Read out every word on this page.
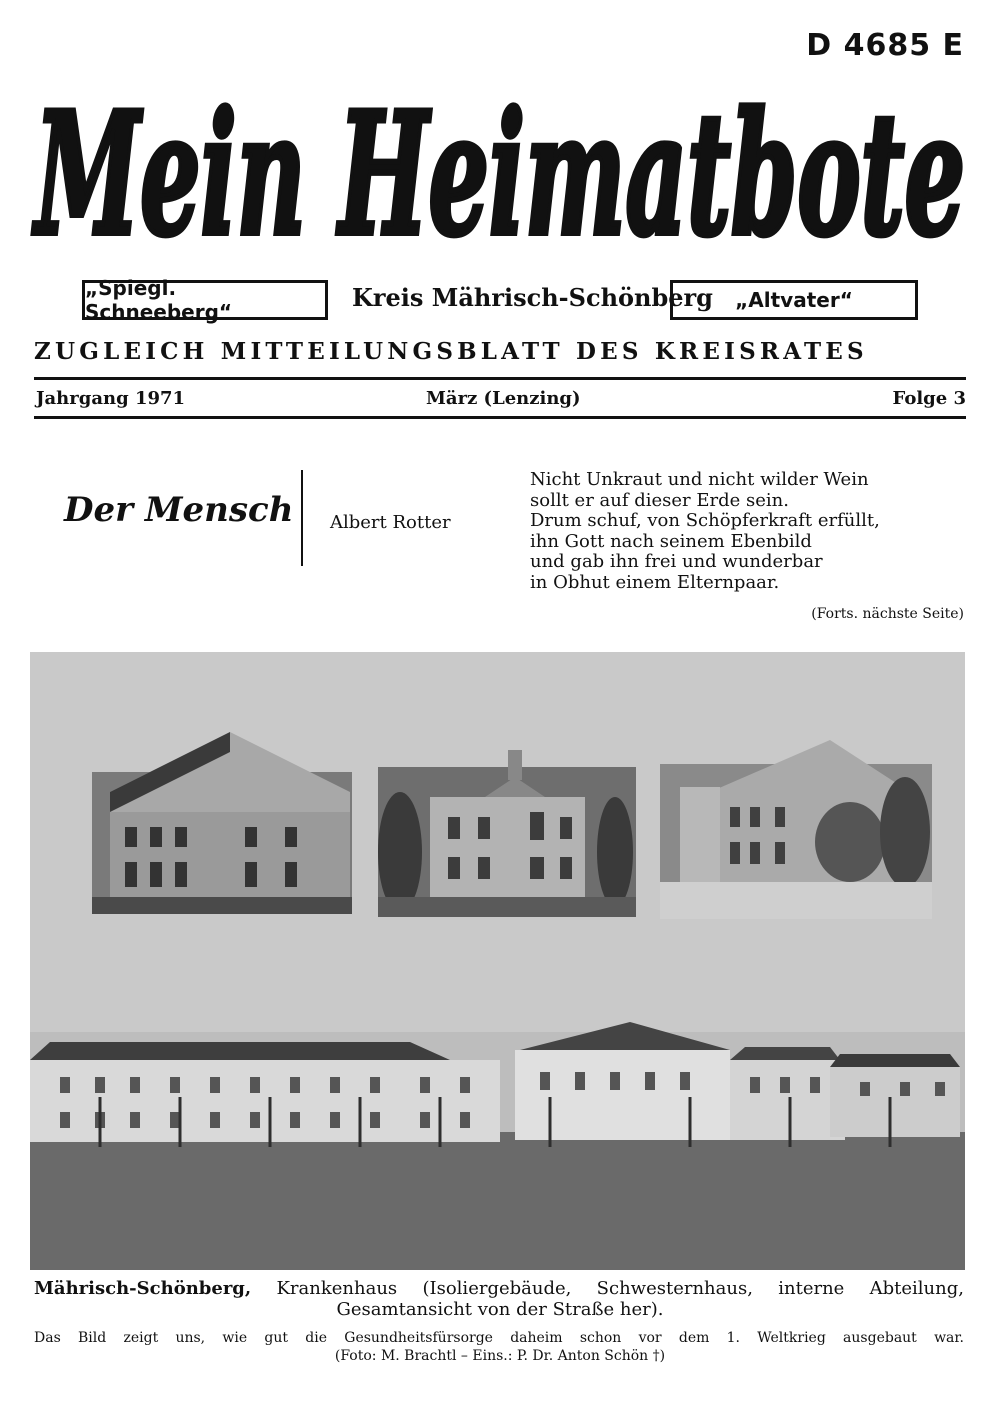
D 4685 E
Mein Heimatbote
„Spiegl. Schneeberg“	Kreis Mährisch-Schönberg	„Altvater“
ZUGLEICH MITTEILUNGSBLATT DES KREISRATES
Jahrgang 1971	März (Lenzing)	Folge 3
Der Mensch Albert Rotter
Nicht Unkraut und nicht wilder Wein
sollt er auf dieser Erde sein.
Drum schuf, von Schöpferkraft erfüllt,
ihn Gott nach seinem Ebenbild
und gab ihn frei und wunderbar
in Obhut einem Elternpaar.
(Forts. nächste Seite)
Mährisch-Schönberg, Krankenhaus (Isoliergebäude, Schwesternhaus, interne Abteilung,
Gesamtansicht von der Straße her).
Das Bild zeigt uns, wie gut die Gesundheitsfürsorge daheim schon vor dem 1. Weltkrieg ausgebaut war.
(Foto: M. Brachtl – Eins.: P. Dr. Anton Schön †)
